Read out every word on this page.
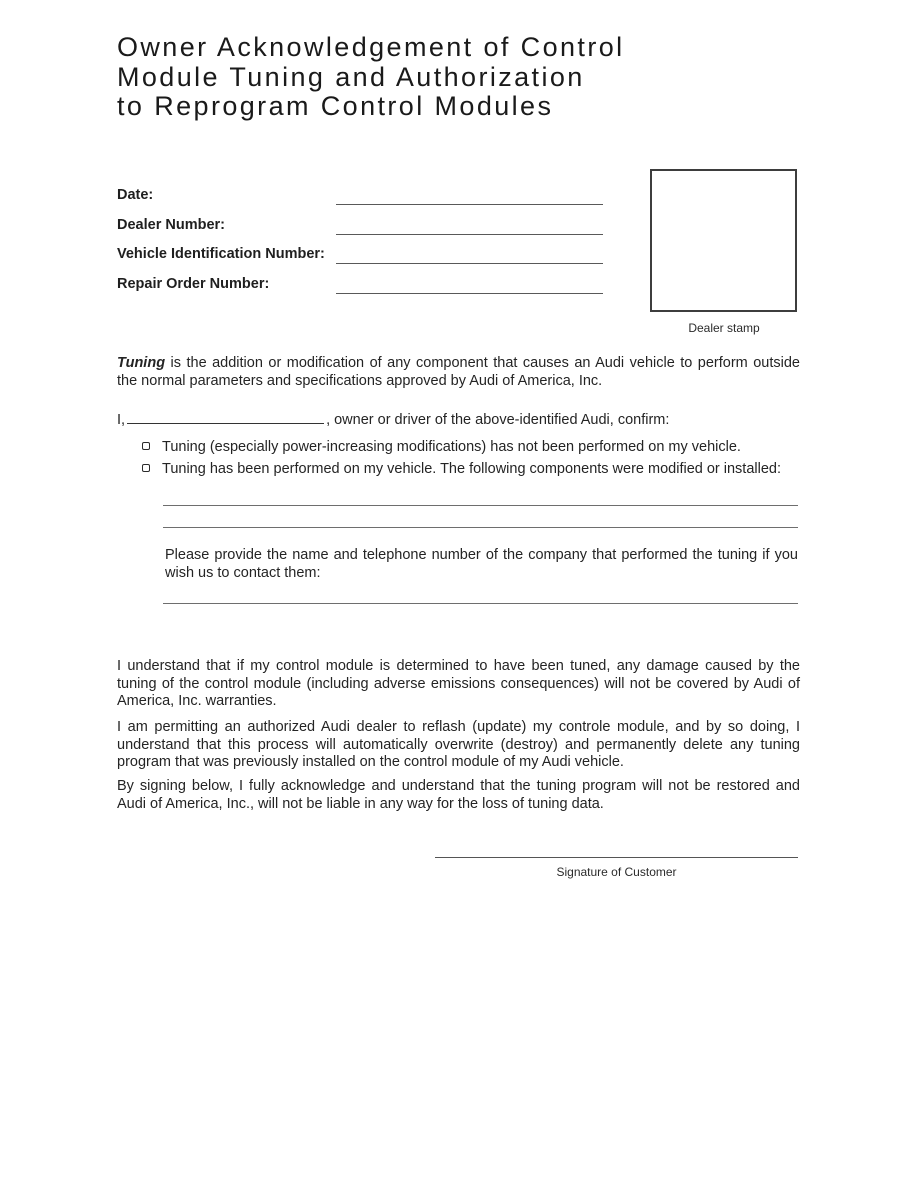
Owner Acknowledgement of Control
Module Tuning and Authorization
to Reprogram Control Modules
Date:
Dealer Number:
Vehicle Identification Number:
Repair Order Number:
Dealer stamp

Tuning is the addition or modification of any component that causes an Audi vehicle to perform outside the normal parameters and specifications approved by Audi of America, Inc.

I,	, owner or driver of the above-identified Audi, confirm:
Tuning (especially power-increasing modifications) has not been performed on my vehicle.
Tuning has been performed on my vehicle. The following components were modified or installed:

Please provide the name and telephone number of the company that performed the tuning if you wish us to contact them:

I understand that if my control module is determined to have been tuned, any damage caused by the tuning of the control module (including adverse emissions consequences) will not be covered by Audi of America, Inc. warranties.

I am permitting an authorized Audi dealer to reflash (update) my controle module, and by so doing, I understand that this process will automatically overwrite (destroy) and permanently delete any tuning program that was previously installed on the control module of my Audi vehicle.

By signing below, I fully acknowledge and understand that the tuning program will not be restored and Audi of America, Inc., will not be liable in any way for the loss of tuning data.

Signature of Customer
